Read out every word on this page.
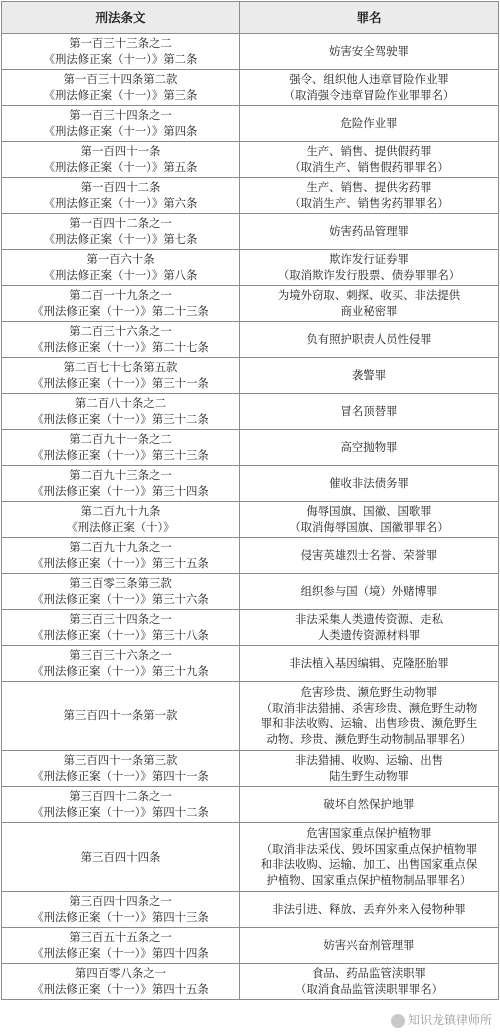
刑法条文	罪名

第一百三十三条之二
《刑法修正案（十一）》第二条	妨害安全驾驶罪

第一百三十四条第二款
《刑法修正案（十一）》第三条	强令、组织他人违章冒险作业罪
（取消强令违章冒险作业罪罪名）

第一百三十四条之一
《刑法修正案（十一）》第四条	危险作业罪

第一百四十一条
《刑法修正案（十一）》第五条	生产、销售、提供假药罪
（取消生产、销售假药罪罪名）

第一百四十二条
《刑法修正案（十一）》第六条	生产、销售、提供劣药罪
（取消生产、销售劣药罪罪名）

第一百四十二条之一
《刑法修正案（十一）》第七条	妨害药品管理罪

第一百六十条
《刑法修正案（十一）》第八条	欺诈发行证券罪
（取消欺诈发行股票、债券罪罪名）

第二百一十九条之一
《刑法修正案（十一）》第二十三条	为境外窃取、刺探、收买、非法提供
商业秘密罪

第二百三十六条之一
《刑法修正案（十一）》第二十七条	负有照护职责人员性侵罪

第二百七十七条第五款
《刑法修正案（十一）》第三十一条	袭警罪

第二百八十条之二
《刑法修正案（十一）》第三十二条	冒名顶替罪

第二百九十一条之二
《刑法修正案（十一）》第三十三条	高空抛物罪

第二百九十三条之一
《刑法修正案（十一）》第三十四条	催收非法债务罪

第二百九十九条
《刑法修正案（十）》	侮辱国旗、国徽、国歌罪
（取消侮辱国旗、国徽罪罪名）

第二百九十九条之一
《刑法修正案（十一）》第三十五条	侵害英雄烈士名誉、荣誉罪

第三百零三条第三款
《刑法修正案（十一）》第三十六条	组织参与国（境）外赌博罪

第三百三十四条之一
《刑法修正案（十一）》第三十八条	非法采集人类遗传资源、走私
人类遗传资源材料罪

第三百三十六条之一
《刑法修正案（十一）》第三十九条	非法植入基因编辑、克隆胚胎罪

第三百四十一条第一款	危害珍贵、濒危野生动物罪
（取消非法猎捕、杀害珍贵、濒危野生动物
罪和非法收购、运输、出售珍贵、濒危野生
动物、珍贵、濒危野生动物制品罪罪名）

第三百四十一条第三款
《刑法修正案（十一）》第四十一条	非法猎捕、收购、运输、出售
陆生野生动物罪

第三百四十二条之一
《刑法修正案（十一）》第四十二条	破坏自然保护地罪

第三百四十四条	危害国家重点保护植物罪
（取消非法采伐、毁坏国家重点保护植物罪
和非法收购、运输、加工、出售国家重点保
护植物、国家重点保护植物制品罪罪名）

第三百四十四条之一
《刑法修正案（十一）》第四十三条	非法引进、释放、丢弃外来入侵物种罪

第三百五十五条之一
《刑法修正案（十一）》第四十四条	妨害兴奋剂管理罪

第四百零八条之一
《刑法修正案（十一）》第四十五条	食品、药品监管渎职罪
（取消食品监管渎职罪罪名）
知识龙镇律师所
